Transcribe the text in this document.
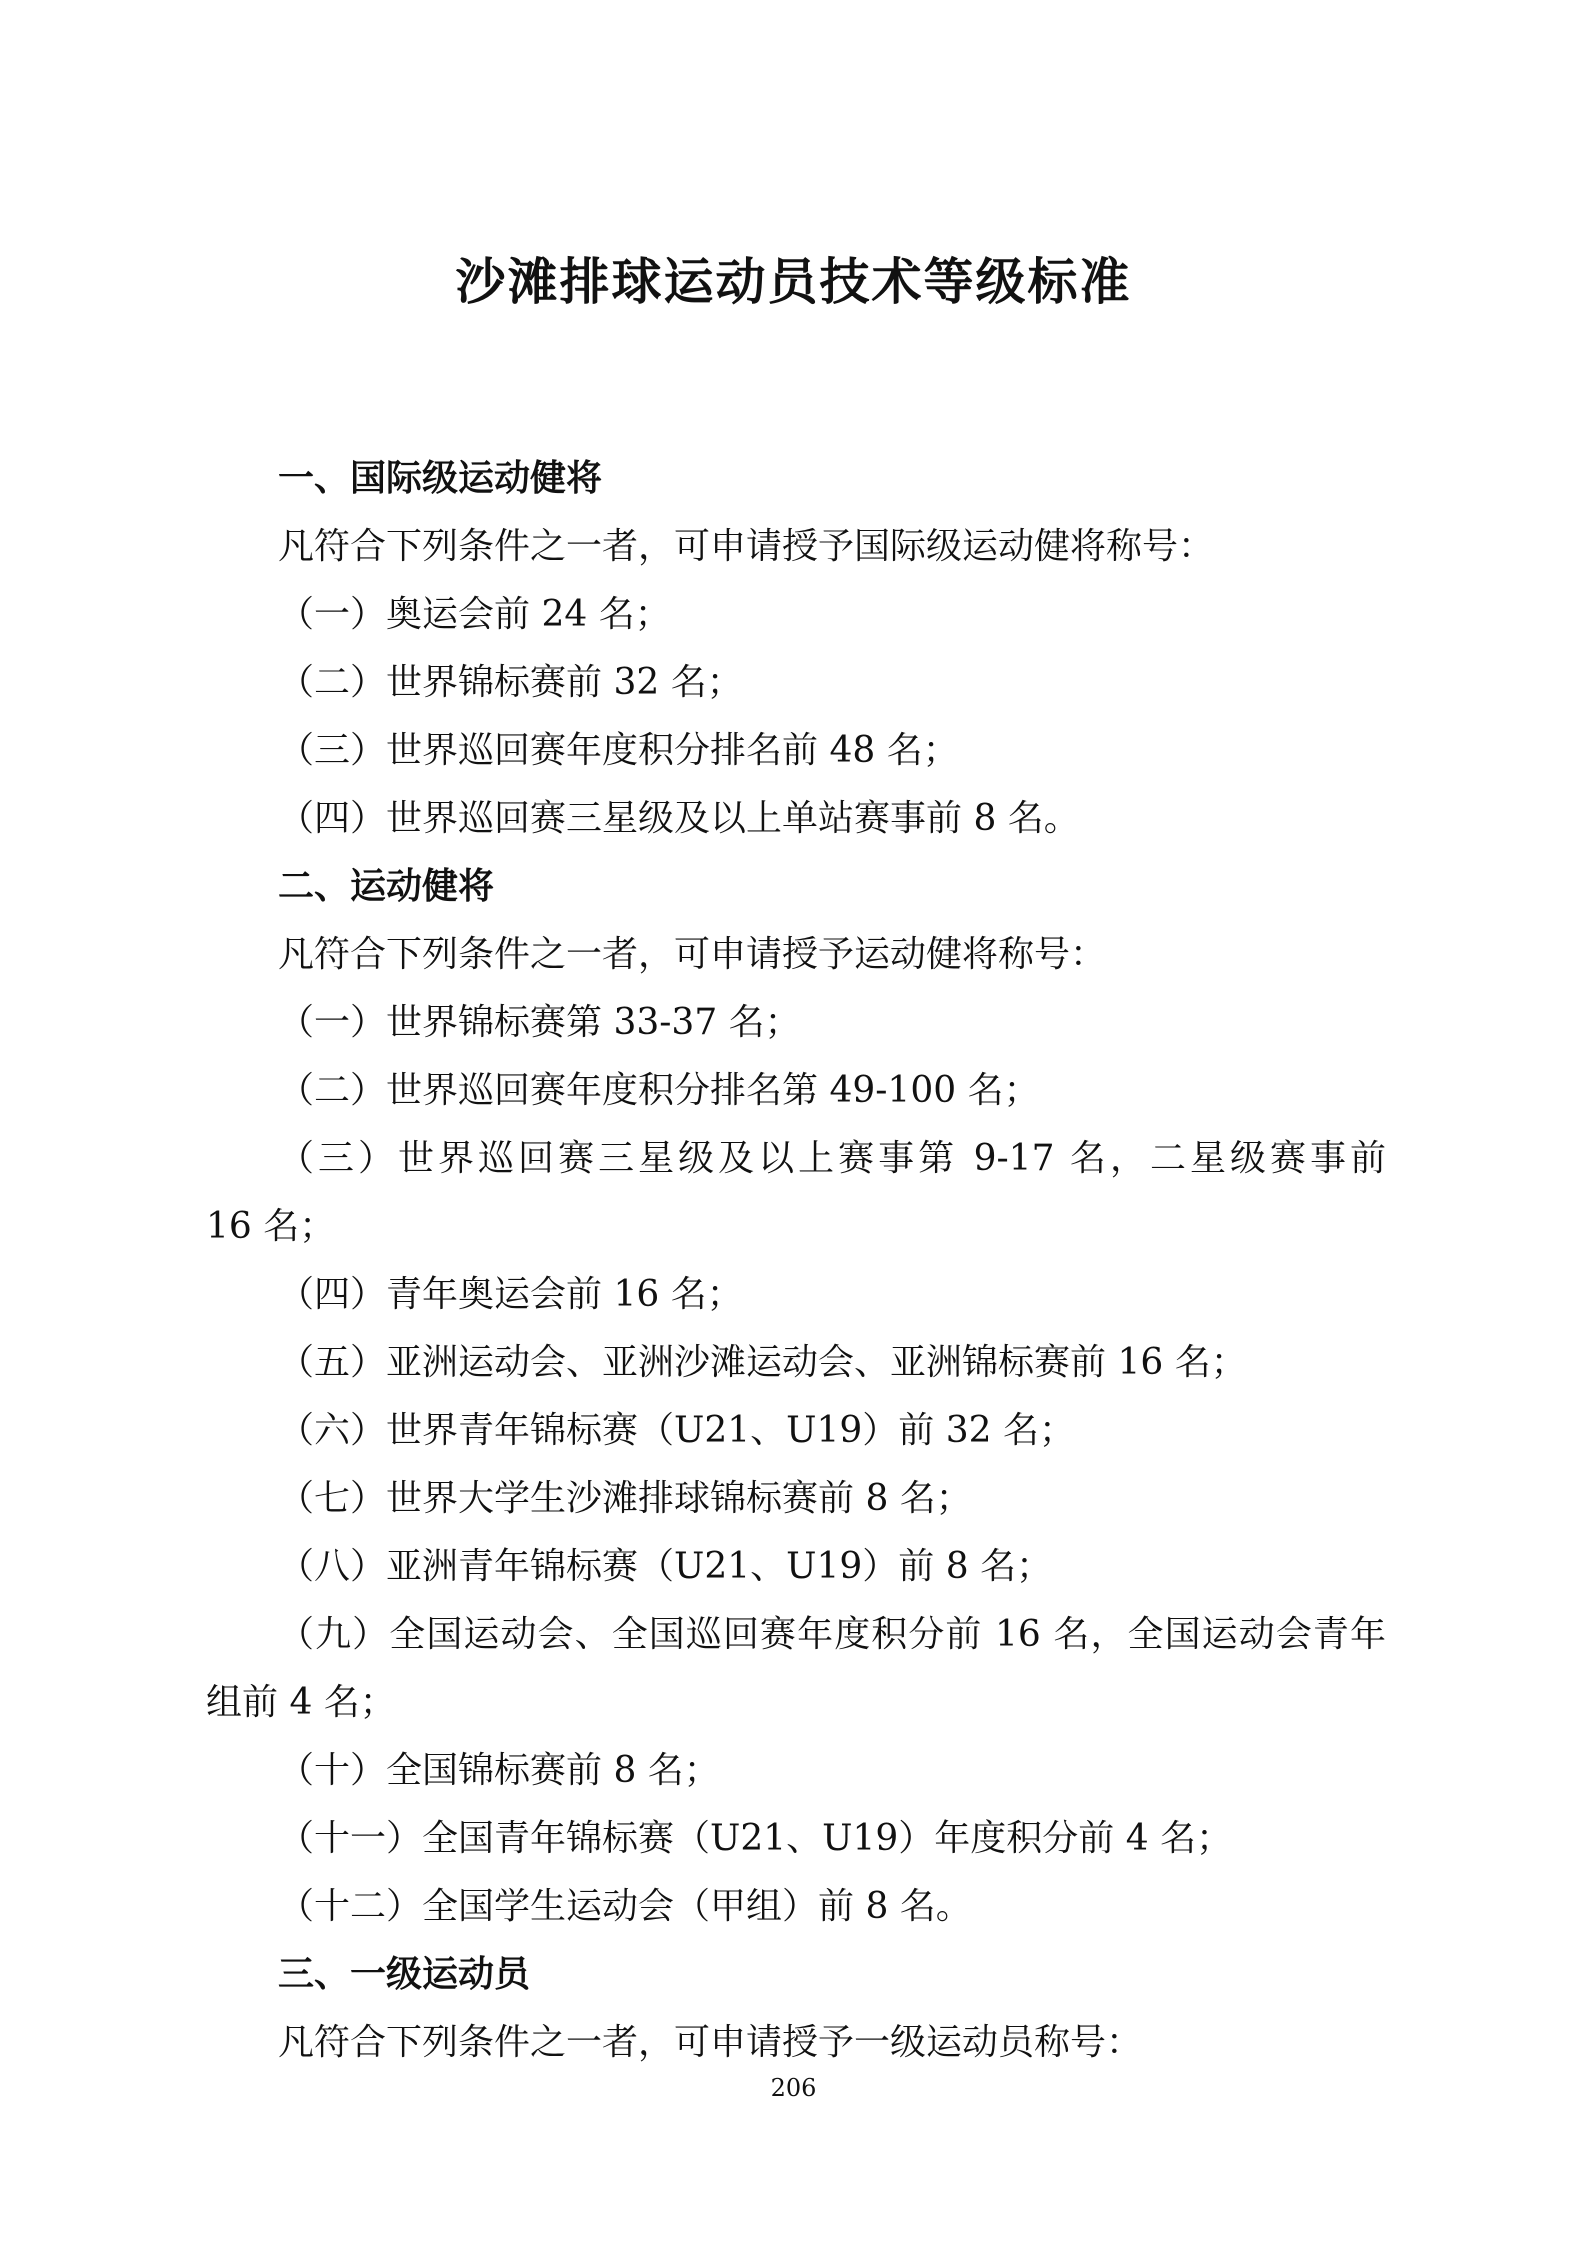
沙滩排球运动员技术等级标准
一、国际级运动健将
凡符合下列条件之一者，可申请授予国际级运动健将称号：
（一）奥运会前 24 名；
（二）世界锦标赛前 32 名；
（三）世界巡回赛年度积分排名前 48 名；
（四）世界巡回赛三星级及以上单站赛事前 8 名。
二、运动健将
凡符合下列条件之一者，可申请授予运动健将称号：
（一）世界锦标赛第 33-37 名；
（二）世界巡回赛年度积分排名第 49-100 名；
（三）世界巡回赛三星级及以上赛事第 9-17 名，二星级赛事前
16 名；
（四）青年奥运会前 16 名；
（五）亚洲运动会、亚洲沙滩运动会、亚洲锦标赛前 16 名；
（六）世界青年锦标赛（U21、U19）前 32 名；
（七）世界大学生沙滩排球锦标赛前 8 名；
（八）亚洲青年锦标赛（U21、U19）前 8 名；
（九）全国运动会、全国巡回赛年度积分前 16 名，全国运动会青年
组前 4 名；
（十）全国锦标赛前 8 名；
（十一）全国青年锦标赛（U21、U19）年度积分前 4 名；
（十二）全国学生运动会（甲组）前 8 名。
三、一级运动员
凡符合下列条件之一者，可申请授予一级运动员称号：
206
